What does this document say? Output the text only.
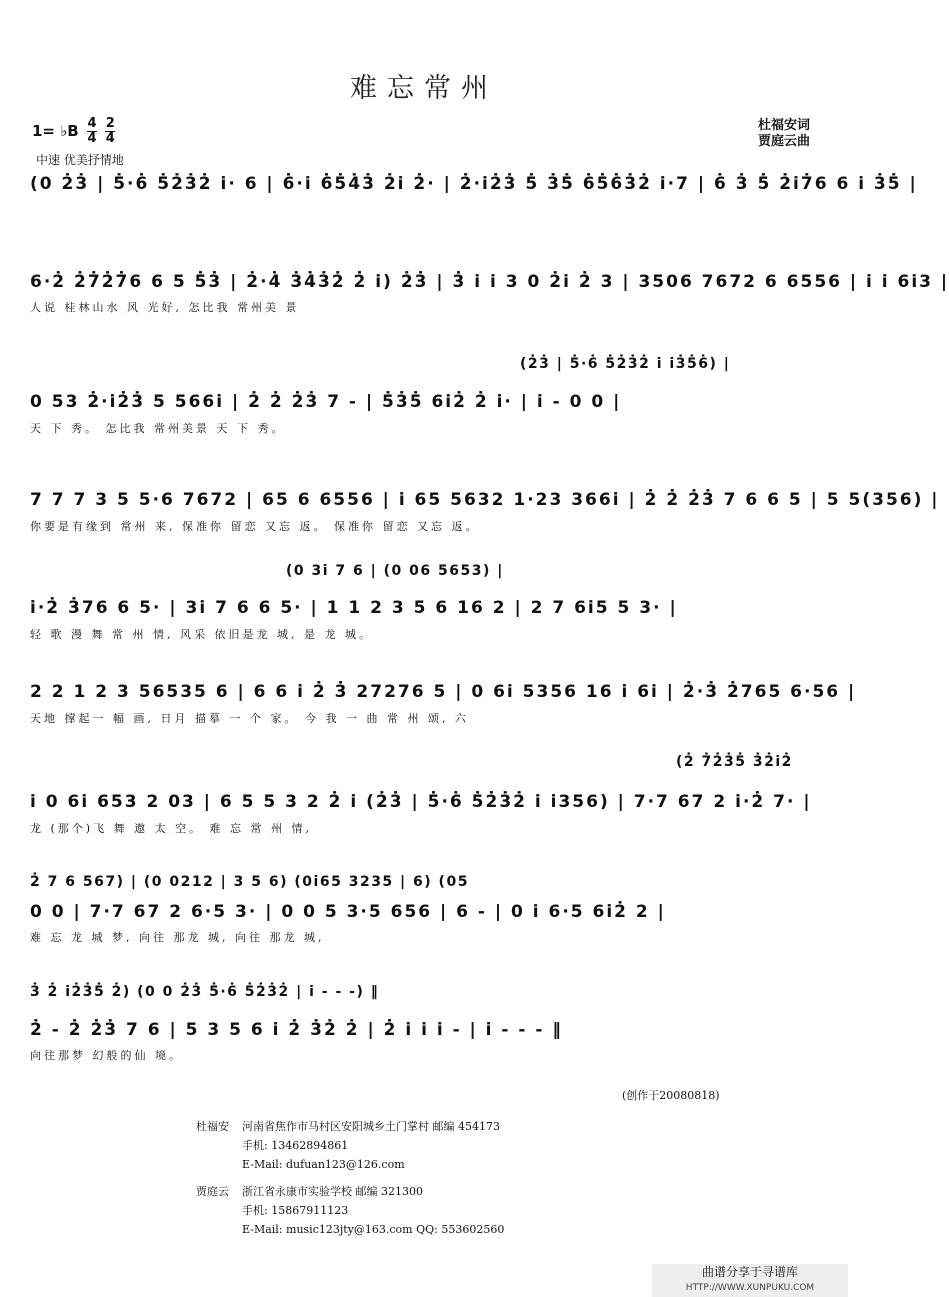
难忘常州
1= ♭B $\frac{4}{4}$
$\frac{2}{4}$	杜福安词
贾庭云曲
中速 优美抒情地
(0 2̇3̇ | 5̇·6̇ 5̇2̇3̇2̇ i̇· 6 | 6̇·i̇ 6̇5̇4̇3̇ 2̇i̇ 2̇· | 2̇·i̇2̇3̇ 5̇ 3̇5̇ 6̇5̇6̇3̇2̇ i̇·7 | 6̇ 3̇ 5̇ 2̇i̇7̇6 6 i̇ 3̇5̇ |
6·2̇ 2̇7̇2̇7̇6 6 5 5̇3̇ | 2̇·4̇ 3̇4̇3̇2̇ 2̇ i̇) 2̇3̇ | 3̇ i̇ i̇ 3 0 2̇i̇ 2̇ 3 | 3506 7672 6 6556 | i̇ i̇ 6i̇3 |
人说 桂林山水 风 光好, 怎比我 常州美 景
(2̇3̇ | 5̇·6̇ 5̇2̇3̇2̇ i̇ i̇3̇5̇6̇) |
0 53 2̇·i̇2̇3̇ 5 566i̇ | 2̇ 2̇ 2̇3̇ 7 - | 5̇3̇5̇ 6i̇2̇ 2̇ i̇· | i̇ - 0 0 |
天 下 秀。 怎比我 常州美景 天 下 秀。
7 7 7 3 5 5·6 7672 | 65 6 6556 | i̇ 65 5632 1·23 366i̇ | 2̇ 2̇ 2̇3̇ 7 6 6 5 | 5 5(356) |
你要是有缘到 常州 来, 保准你 留恋 又忘 返。 保准你 留恋 又忘 返。
(0 3i̇ 7 6 | (0 06 5653) |
i̇·2̇ 3̇76 6 5· | 3i̇ 7 6 6 5· | 1 1 2 3 5 6 16 2 | 2 7 6i̇5 5 3· |
轻 歌 漫 舞 常 州 情, 风采 依旧是龙 城, 是 龙 城。
2 2 1 2 3 56535 6 | 6 6 i̇ 2̇ 3̇ 27276 5 | 0 6i̇ 5356 16 i̇ 6i̇ | 2̇·3̇ 2̇765 6·56 |
天地 撑起一 幅 画, 日月 描摹 一 个 家。 今 我 一 曲 常 州 颂, 六
(2̇ 7̇2̇3̇5̇ 3̇2̇i̇2̇
i̇ 0 6i̇ 653 2 03 | 6 5 5 3 2 2̇ i̇ (2̇3̇ | 5̇·6̇ 5̇2̇3̇2̇ i̇ i̇356) | 7·7 67 2 i̇·2̇ 7· |
龙 (那个)飞 舞 遨 太 空。 难 忘 常 州 情,
2̇ 7 6 567) | (0 0212 | 3 5 6) (0i̇65 3235 | 6) (05
0 0 | 7·7 67 2 6·5 3· | 0 0 5 3·5 656 | 6 - | 0 i̇ 6·5 6i̇2̇ 2 |
难 忘 龙 城 梦, 向往 那龙 城, 向往 那龙 城,
3̇ 2̇ i̇2̇3̇5̇ 2̇) (0 0 2̇3̇ 5̇·6̇ 5̇2̇3̇2̇ | i̇ - - -) ‖
2̇ - 2̇ 2̇3̇ 7 6 | 5 3 5 6 i̇ 2̇ 3̇2̇ 2̇ | 2̇ i̇ i̇ i̇ - | i̇ - - - ‖
向往那梦 幻般的仙 境。
(创作于20080818)
杜福安	河南省焦作市马村区安阳城乡土门掌村 邮编 454173
手机: 13462894861
E-Mail: dufuan123@126.com
贾庭云	浙江省永康市实验学校 邮编 321300
手机: 15867911123
E-Mail: music123jty@163.com QQ: 553602560
曲谱分享于寻谱库
HTTP://WWW.XUNPUKU.COM
